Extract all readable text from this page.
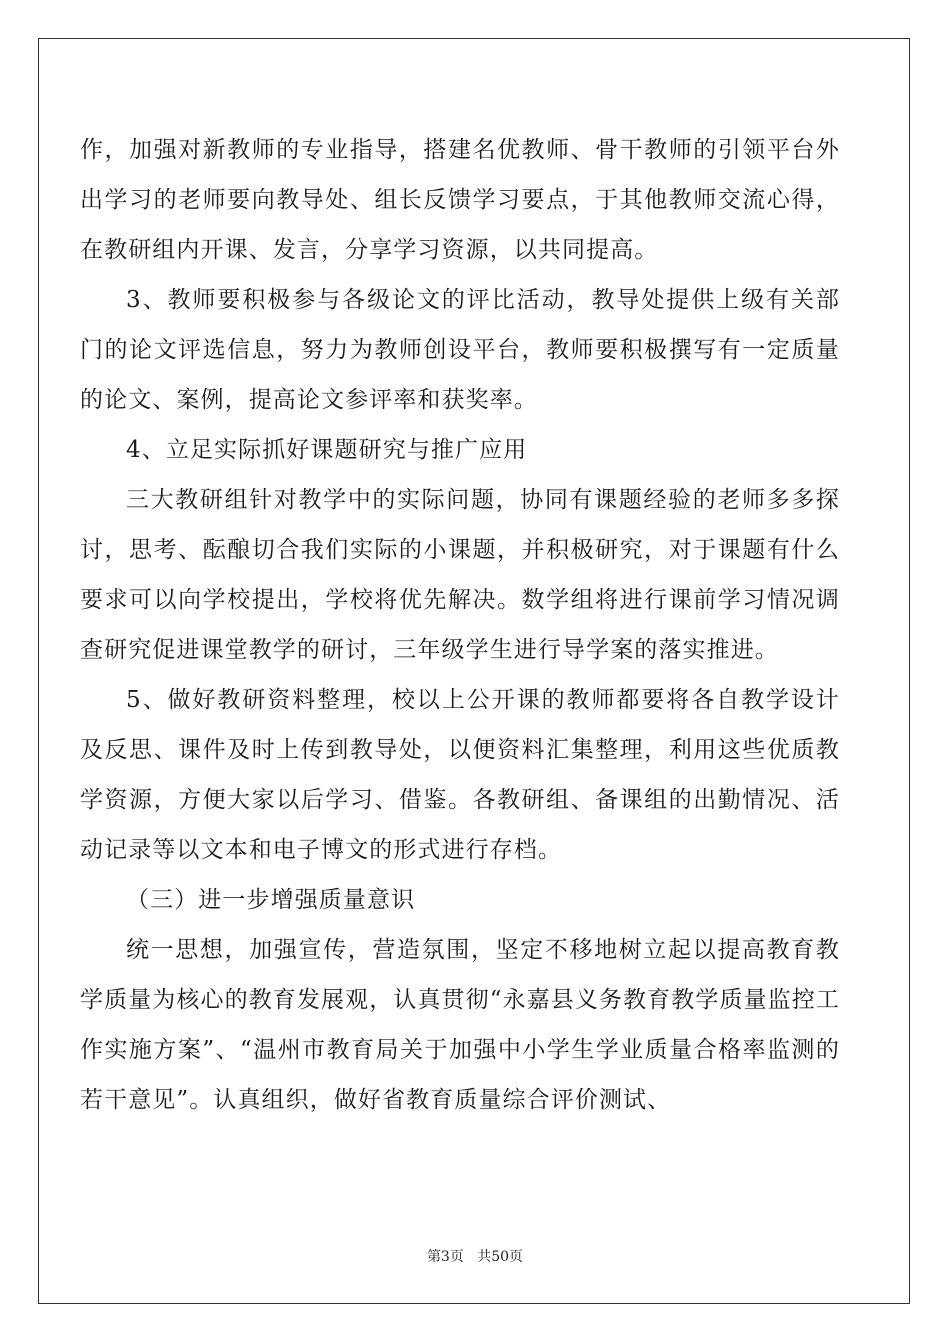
作，加强对新教师的专业指导，搭建名优教师、骨干教师的引领平台外出学习的老师要向教导处、组长反馈学习要点，于其他教师交流心得，在教研组内开课、发言，分享学习资源，以共同提高。

3、教师要积极参与各级论文的评比活动，教导处提供上级有关部门的论文评选信息，努力为教师创设平台，教师要积极撰写有一定质量的论文、案例，提高论文参评率和获奖率。

4、立足实际抓好课题研究与推广应用

三大教研组针对教学中的实际问题，协同有课题经验的老师多多探讨，思考、酝酿切合我们实际的小课题，并积极研究，对于课题有什么要求可以向学校提出，学校将优先解决。数学组将进行课前学习情况调查研究促进课堂教学的研讨，三年级学生进行导学案的落实推进。

5、做好教研资料整理，校以上公开课的教师都要将各自教学设计及反思、课件及时上传到教导处，以便资料汇集整理，利用这些优质教学资源，方便大家以后学习、借鉴。各教研组、备课组的出勤情况、活动记录等以文本和电子博文的形式进行存档。

（三）进一步增强质量意识

统一思想，加强宣传，营造氛围，坚定不移地树立起以提高教育教学质量为核心的教育发展观，认真贯彻“永嘉县义务教育教学质量监控工作实施方案”、“温州市教育局关于加强中小学生学业质量合格率监测的若干意见”。认真组织，做好省教育质量综合评价测试、

第3页 共50页
